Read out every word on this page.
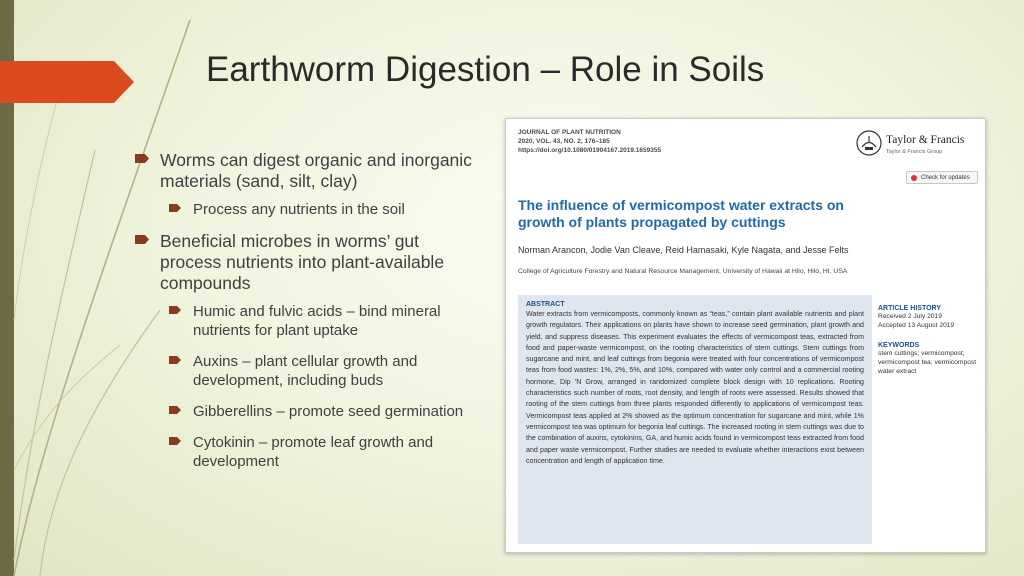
Earthworm Digestion – Role in Soils
Worms can digest organic and inorganic materials (sand, silt, clay)
Process any nutrients in the soil
Beneficial microbes in worms’ gut process nutrients into plant-available compounds
Humic and fulvic acids – bind mineral nutrients for plant uptake
Auxins – plant cellular growth and development, including buds
Gibberellins – promote seed germination
Cytokinin – promote leaf growth and development
JOURNAL OF PLANT NUTRITION
2020, VOL. 43, NO. 2, 176–185
https://doi.org/10.1080/01904167.2019.1659355
Taylor & Francis
Taylor & Francis Group
Check for updates
The influence of vermicompost water extracts on growth of plants propagated by cuttings
Norman Arancon, Jodie Van Cleave, Reid Hamasaki, Kyle Nagata, and Jesse Felts
College of Agriculture Forestry and Natural Resource Management, University of Hawaii at Hilo, Hilo, HI, USA
ABSTRACT
Water extracts from vermicomposts, commonly known as “teas,” contain plant available nutrients and plant growth regulators. Their applications on plants have shown to increase seed germination, plant growth and yield, and suppress diseases. This experiment evaluates the effects of vermicompost teas, extracted from food and paper-waste vermicompost, on the rooting characteristics of stem cuttings. Stem cuttings from sugarcane and mint, and leaf cuttings from begonia were treated with four concentrations of vermicompost teas from food wastes: 1%, 2%, 5%, and 10%, compared with water only control and a commercial rooting hormone, Dip ’N Grow, arranged in randomized complete block design with 10 replications. Rooting characteristics such number of roots, root density, and length of roots were assessed. Results showed that rooting of the stem cuttings from three plants responded differently to applications of vermicompost teas. Vermicompost teas applied at 2% showed as the optimum concentration for sugarcane and mint, while 1% vermicompost tea was optimum for begonia leaf cuttings. The increased rooting in stem cuttings was due to the combination of auxins, cytokinins, GA, and humic acids found in vermicompost teas extracted from food and paper waste vermicompost. Further studies are needed to evaluate whether interactions exist between concentration and length of application time.
ARTICLE HISTORY
Received 2 July 2019
Accepted 13 August 2019
KEYWORDS
stem cuttings; vermicompost; vermicompost tea; vermicompost water extract
